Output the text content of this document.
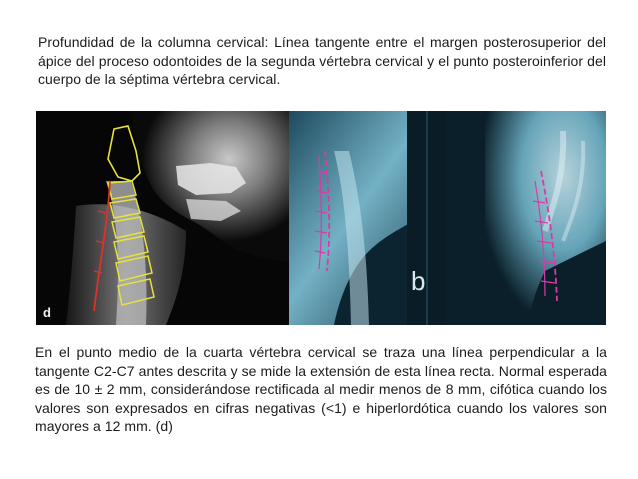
Profundidad de la columna cervical: Línea tangente entre el margen posterosuperior del ápice del proceso odontoides de la segunda vértebra cervical y el punto posteroinferior del cuerpo de la séptima vértebra cervical.

d
b

En el punto medio de la cuarta vértebra cervical se traza una línea perpendicular a la tangente C2-C7 antes descrita y se mide la extensión de esta línea recta. Normal esperada es de 10 ± 2 mm, considerándose rectificada al medir menos de 8 mm, cifótica cuando los valores son expresados en cifras negativas (<1) e hiperlordótica cuando los valores son mayores a 12 mm. (d)
